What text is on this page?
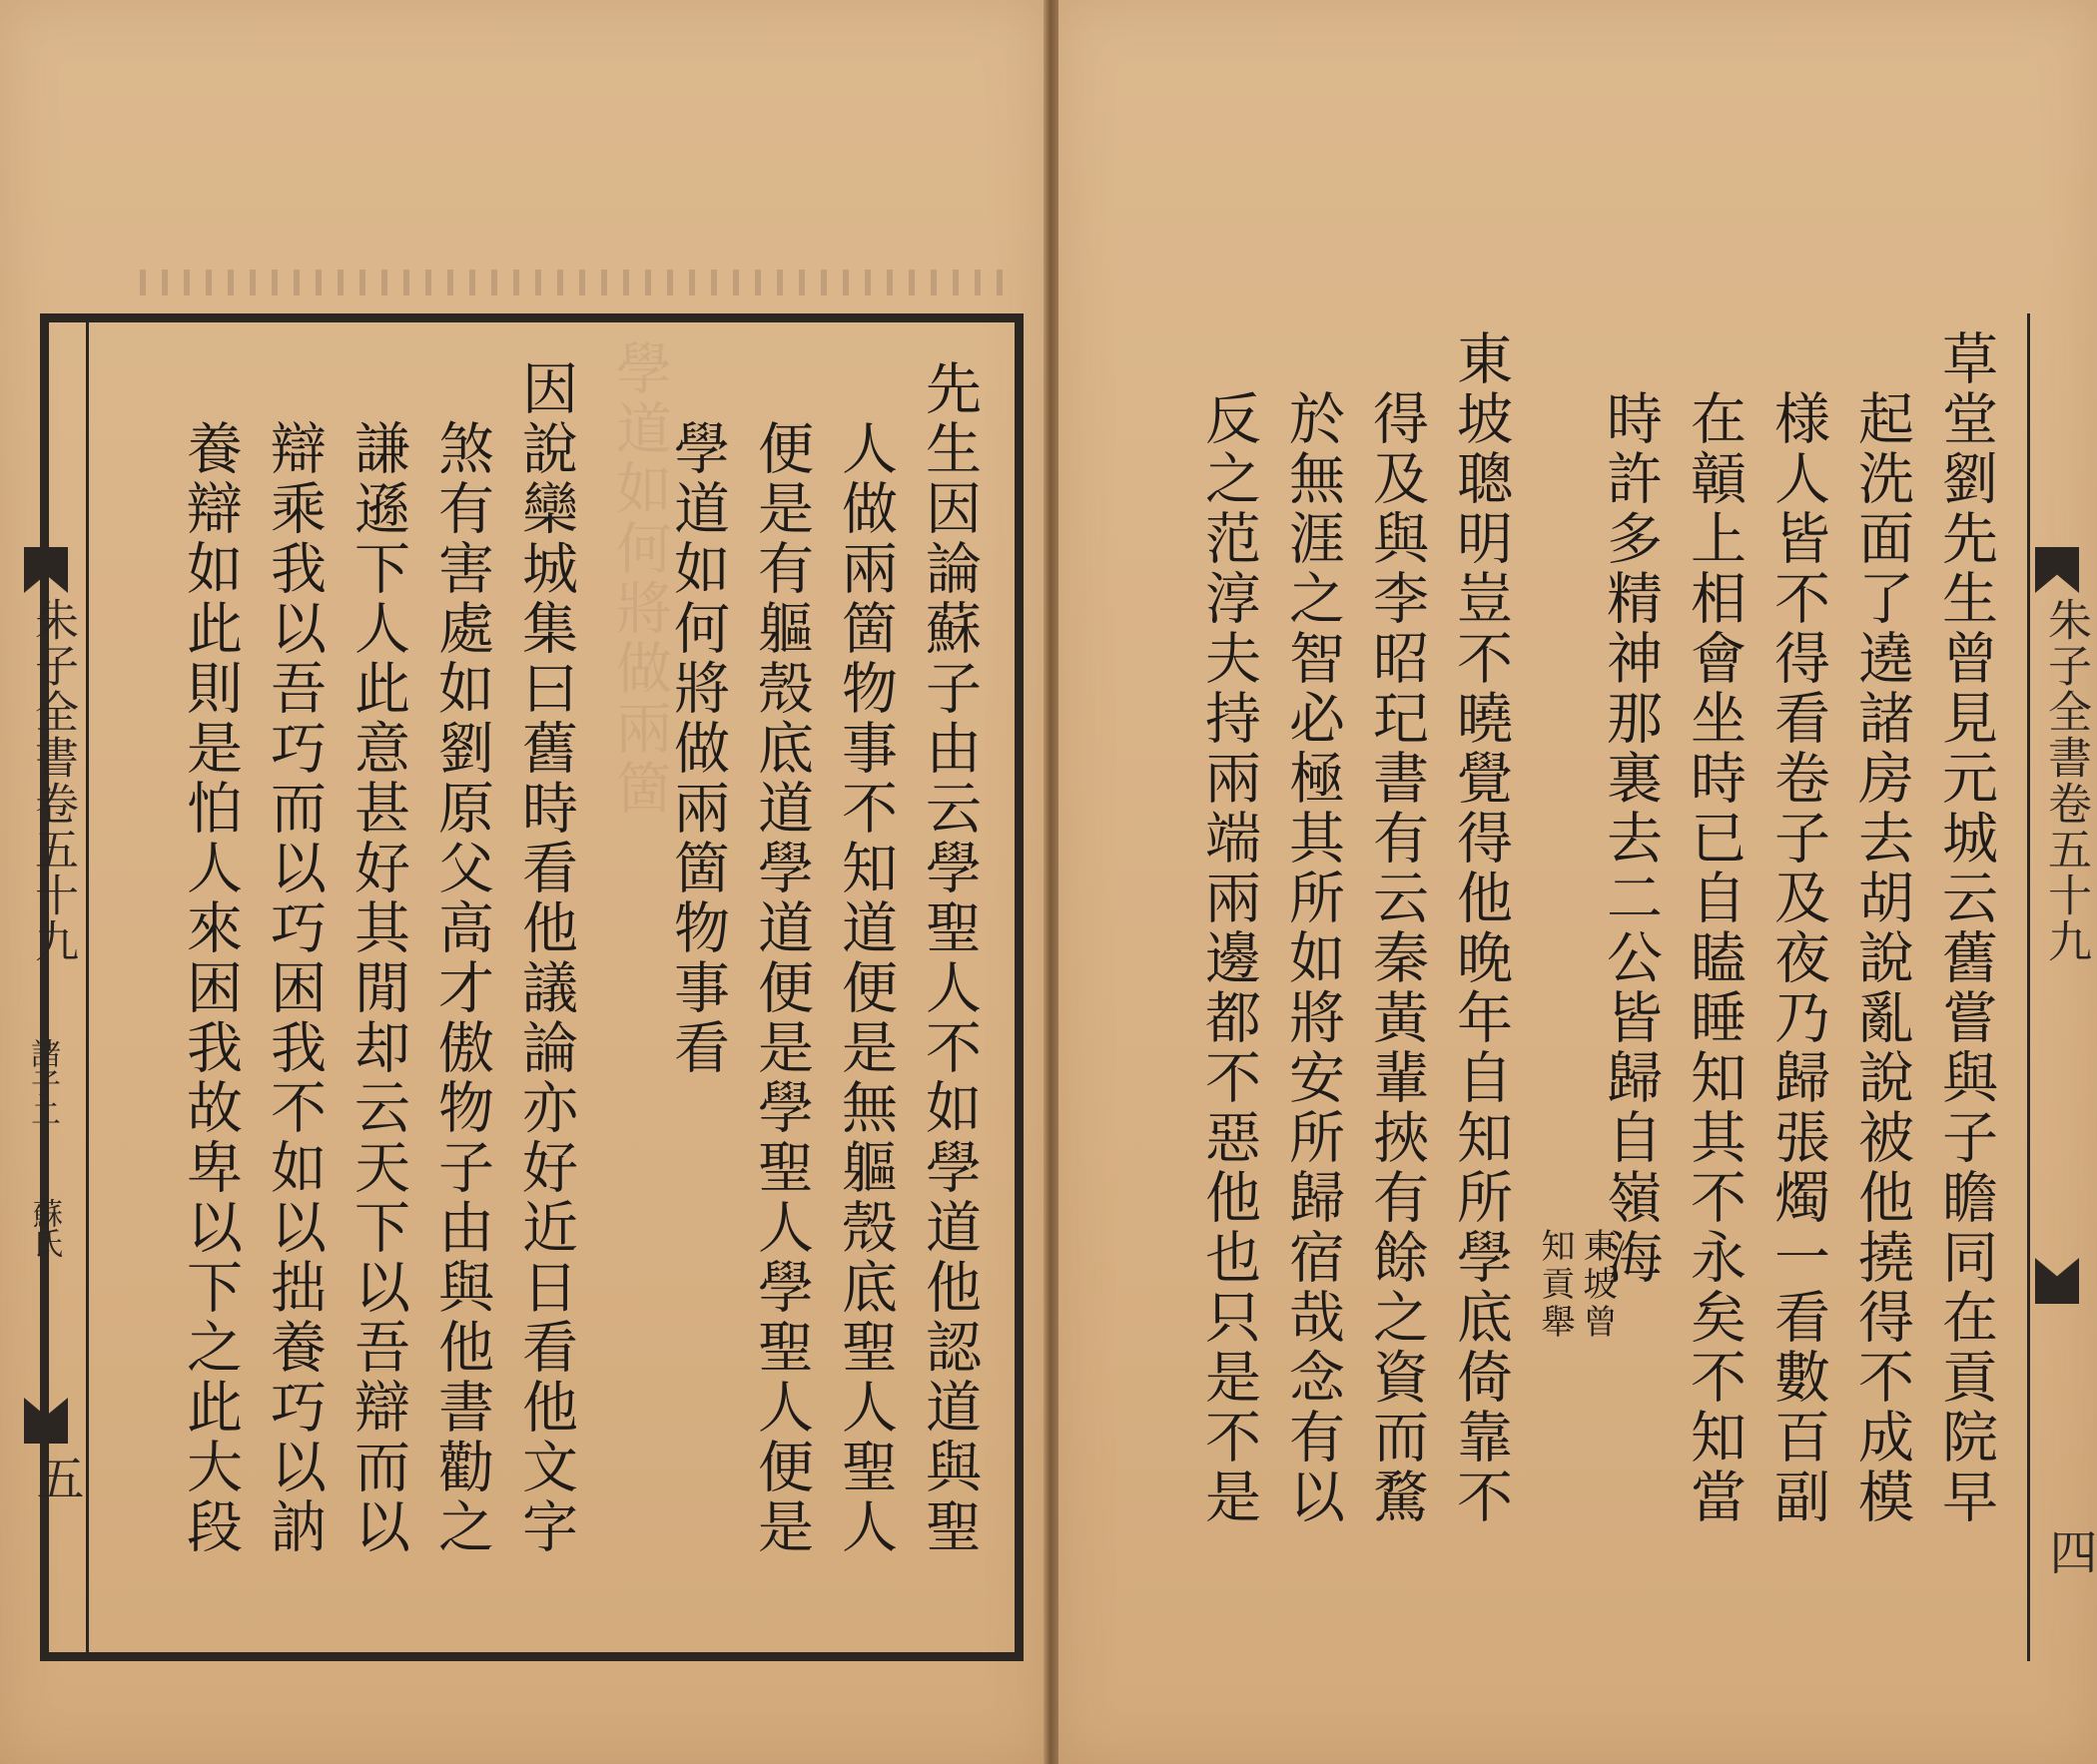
朱子全書卷五十九
諸子二
蘇氏
五
學道如何將做兩箇	先生因論蘇子由云學聖人不如學道他認道與聖
人做兩箇物事不知道便是無軀殼底聖人聖人
便是有軀殼底道學道便是學聖人學聖人便是
學道如何將做兩箇物事看
因說欒城集曰舊時看他議論亦好近日看他文字
煞有害處如劉原父高才傲物子由與他書勸之
謙遜下人此意甚好其閒却云天下以吾辯而以
辯乘我以吾巧而以巧困我不如以拙養巧以訥
養辯如此則是怕人來困我故卑以下之此大段	朱子全書卷五十九
四
草堂劉先生曾見元城云舊嘗與子瞻同在貢院早
起洗面了遶諸房去胡說亂說被他撓得不成模
様人皆不得看卷子及夜乃歸張燭一看數百副
在贑上相會坐時已自瞌睡知其不永矣不知當
時許多精神那裏去二公皆歸自嶺海
東坡曾
知貢舉
東坡聰明豈不曉覺得他晚年自知所學底倚靠不
得及與李昭玘書有云秦黃輩挾有餘之資而騖
於無涯之智必極其所如將安所歸宿哉念有以
反之范淳夫持兩端兩邊都不惡他也只是不是
